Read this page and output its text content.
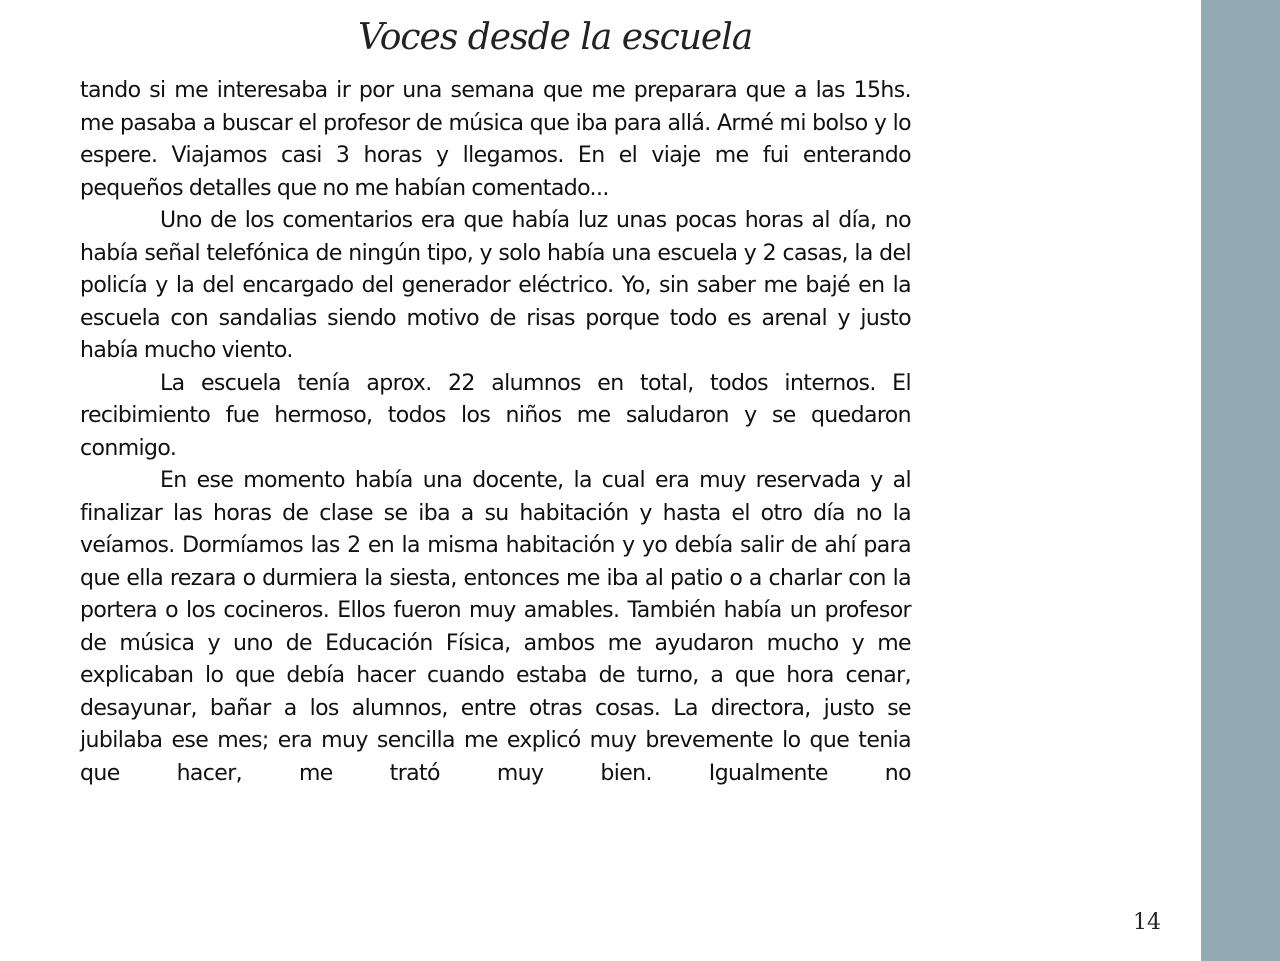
Voces desde la escuela

tando si me interesaba ir por una semana que me preparara que a las 15hs. me pasaba a buscar el profesor de música que iba para allá. Armé mi bolso y lo espere. Viajamos casi 3 horas y llegamos. En el viaje me fui enterando pequeños detalles que no me habían comentado...

Uno de los comentarios era que había luz unas pocas horas al día, no había señal telefónica de ningún tipo, y solo había una escuela y 2 casas, la del policía y la del encargado del generador eléctrico. Yo, sin saber me bajé en la escuela con sandalias siendo motivo de risas porque todo es arenal y justo había mucho viento.

La escuela tenía aprox. 22 alumnos en total, todos internos. El recibimiento fue hermoso, todos los niños me saludaron y se quedaron conmigo.

En ese momento había una docente, la cual era muy reservada y al finalizar las horas de clase se iba a su habitación y hasta el otro día no la veíamos. Dormíamos las 2 en la misma habitación y yo debía salir de ahí para que ella rezara o durmiera la siesta, entonces me iba al patio o a charlar con la portera o los cocineros. Ellos fueron muy amables. También había un profesor de música y uno de Educación Física, ambos me ayudaron mucho y me explicaban lo que debía hacer cuando estaba de turno, a que hora cenar, desayunar, bañar a los alumnos, entre otras cosas. La directora, justo se jubilaba ese mes; era muy sencilla me explicó muy brevemente lo que tenia que hacer, me trató muy bien. Igualmente no

14
